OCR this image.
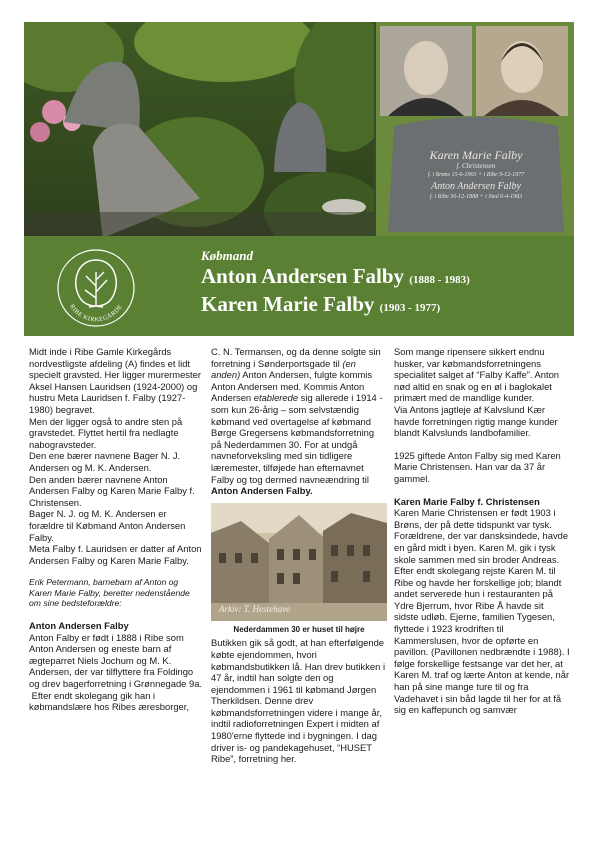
Karen Marie Falby
f. Christensen
f. i Brøns 15-6-1903 + i Ribe 9-12-1977
Anton Andersen Falby
f. i Ribe 30-12-1888 + i Sted 6-4-1983
RIBE KIRKEGÅRDE
Købmand
Anton Andersen Falby (1888 - 1983)
Karen Marie Falby (1903 - 1977)

Midt inde i Ribe Gamle Kirkegårds nordvestligste afdeling (A) findes et lidt specielt gravsted. Her ligger murermester Aksel Hansen Lauridsen (1924-2000) og hustru Meta Lauridsen f. Falby (1927-1980) begravet.

Men der ligger også to andre sten på gravstedet. Flyttet hertil fra nedlagte nabogravsteder.

Den ene bærer navnene Bager N. J. Andersen og M. K. Andersen.

Den anden bærer navnene Anton Andersen Falby og Karen Marie Falby f. Christensen.

Bager N. J. og M. K. Andersen er forældre til Købmand Anton Andersen Falby.

Meta Falby f. Lauridsen er datter af Anton Andersen Falby og Karen Marie Falby.

Erik Petermann, barnebarn af Anton og Karen Marie Falby, beretter nedenstående om sine bedsteforældre:

Anton Andersen Falby

Anton Falby er født i 1888 i Ribe som Anton Andersen og eneste barn af ægteparret Niels Jochum og M. K. Andersen, der var tilflyttere fra Foldingo og drev bagerforretning i Grønnegade 9a.

Efter endt skolegang gik han i købmandslære hos Ribes æresborger,

C. N. Termansen, og da denne solgte sin forretning i Sønderportsgade til (en anden) Anton Andersen, fulgte kommis Anton Andersen med. Kommis Anton Andersen etablerede sig allerede i 1914 - som kun 26-årig – som selvstændig købmand ved overtagelse af købmand Børge Gregersens købmandsforretning på Nederdammen 30. For at undgå navneforveksling med sin tidligere læremester, tilføjede han efternavnet Falby og tog dermed navneændring til Anton Andersen Falby.

Arkiv: T. Hestehave
Nederdammen 30 er huset til højre

Butikken gik så godt, at han efterfølgende købte ejendommen, hvori købmandsbutikken lå. Han drev butikken i 47 år, indtil han solgte den og ejendommen i 1961 til købmand Jørgen Therkildsen. Denne drev købmandsforretningen videre i mange år, indtil radioforretningen Expert i midten af 1980'erne flyttede ind i bygningen. I dag driver is- og pandekagehuset, “HUSET Ribe”, forretning her.

Som mange ripensere sikkert endnu husker, var købmandsforretningens specialitet salget af “Falby Kaffe”. Anton nød altid en snak og en øl i baglokalet primært med de mandlige kunder.

Via Antons jagtleje af Kalvslund Kær havde forretningen rigtig mange kunder blandt Kalvslunds landbofamilier.

1925 giftede Anton Falby sig med Karen Marie Christensen. Han var da 37 år gammel.

Karen Marie Falby f. Christensen

Karen Marie Christensen er født 1903 i Brøns, der på dette tidspunkt var tysk. Forældrene, der var dansksindede, havde en gård midt i byen. Karen M. gik i tysk skole sammen med sin broder Andreas. Efter endt skolegang rejste Karen M. til Ribe og havde her forskellige job; blandt andet serverede hun i restauranten på Ydre Bjerrum, hvor Ribe Å havde sit sidste udløb. Ejerne, familien Tygesen, flyttede i 1923 krodriften til Kammerslusen, hvor de opførte en pavillon. (Pavillonen nedbrændte i 1988). I følge forskellige festsange var det her, at Karen M. traf og lærte Anton at kende, når han på sine mange ture til og fra Vadehavet i sin båd lagde til her for at få sig en kaffepunch og samvær
